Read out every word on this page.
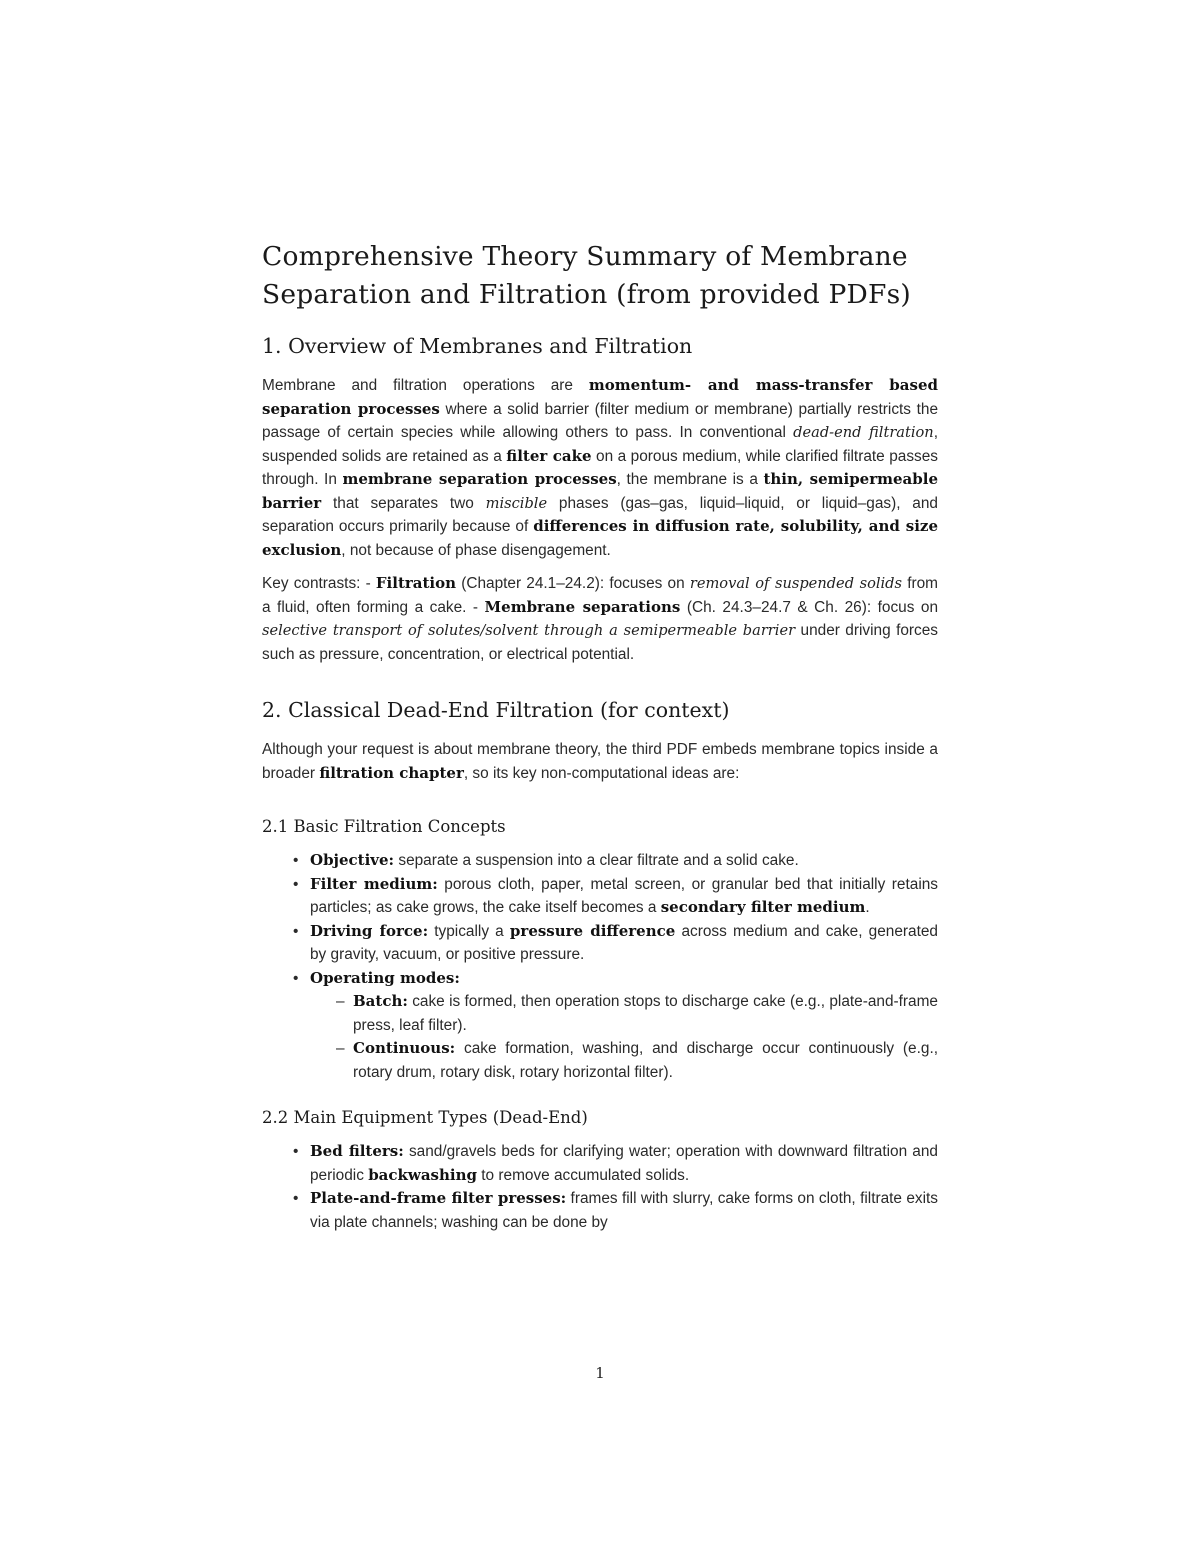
Comprehensive Theory Summary of Membrane Separation and Filtration (from provided PDFs)
1. Overview of Membranes and Filtration

Membrane and filtration operations are momentum- and mass-transfer based separation processes where a solid barrier (filter medium or membrane) partially restricts the passage of certain species while allowing others to pass. In conventional dead-end filtration, suspended solids are retained as a filter cake on a porous medium, while clarified filtrate passes through. In membrane separation processes, the membrane is a thin, semipermeable barrier that separates two miscible phases (gas–gas, liquid–liquid, or liquid–gas), and separation occurs primarily because of differences in diffusion rate, solubility, and size exclusion, not because of phase disengagement.

Key contrasts: - Filtration (Chapter 24.1–24.2): focuses on removal of suspended solids from a fluid, often forming a cake. - Membrane separations (Ch. 24.3–24.7 & Ch. 26): focus on selective transport of solutes/solvent through a semipermeable barrier under driving forces such as pressure, concentration, or electrical potential.

2. Classical Dead-End Filtration (for context)

Although your request is about membrane theory, the third PDF embeds membrane topics inside a broader filtration chapter, so its key non-computational ideas are:

2.1 Basic Filtration Concepts
• Objective: separate a suspension into a clear filtrate and a solid cake.
• Filter medium: porous cloth, paper, metal screen, or granular bed that initially retains particles; as cake grows, the cake itself becomes a secondary filter medium.
• Driving force: typically a pressure difference across medium and cake, generated by gravity, vacuum, or positive pressure.
• Operating modes:
– Batch: cake is formed, then operation stops to discharge cake (e.g., plate-and-frame press, leaf filter).
– Continuous: cake formation, washing, and discharge occur continuously (e.g., rotary drum, rotary disk, rotary horizontal filter).
2.2 Main Equipment Types (Dead-End)
• Bed filters: sand/gravels beds for clarifying water; operation with downward filtration and periodic backwashing to remove accumulated solids.
• Plate-and-frame filter presses: frames fill with slurry, cake forms on cloth, filtrate exits via plate channels; washing can be done by
1
